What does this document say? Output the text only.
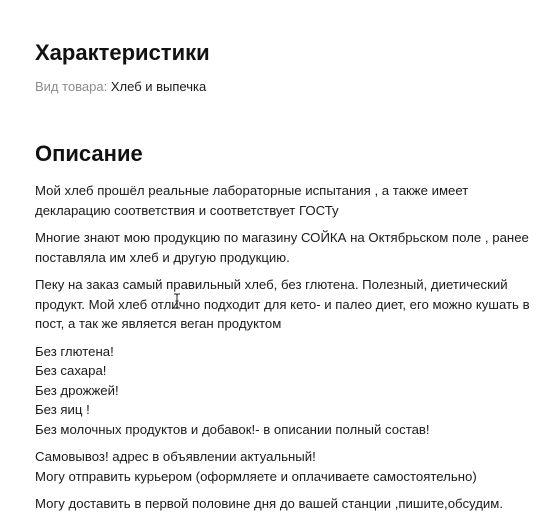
Характеристики
Вид товара: Хлеб и выпечка
Описание

Мой хлеб прошёл реальные лабораторные испытания , а также имеет
декларацию соответствия и соответствует ГОСТу

Многие знают мою продукцию по магазину СОЙКА на Октябрьском поле , ранее
поставляла им хлеб и другую продукцию.

Пеку на заказ самый правильный хлеб, без глютена. Полезный, диетический
продукт. Мой хлеб отлично подходит для кето- и палео диет, его можно кушать в
пост, а так же является веган продуктом

Без глютена!
Без сахара!
Без дрожжей!
Без яиц !
Без молочных продуктов и добавок!- в описании полный состав!

Самовывоз! адрес в объявлении актуальный!
Могу отправить курьером (оформляете и оплачиваете самостоятельно)

Могу доставить в первой половине дня до вашей станции ,пишите,обсудим.
